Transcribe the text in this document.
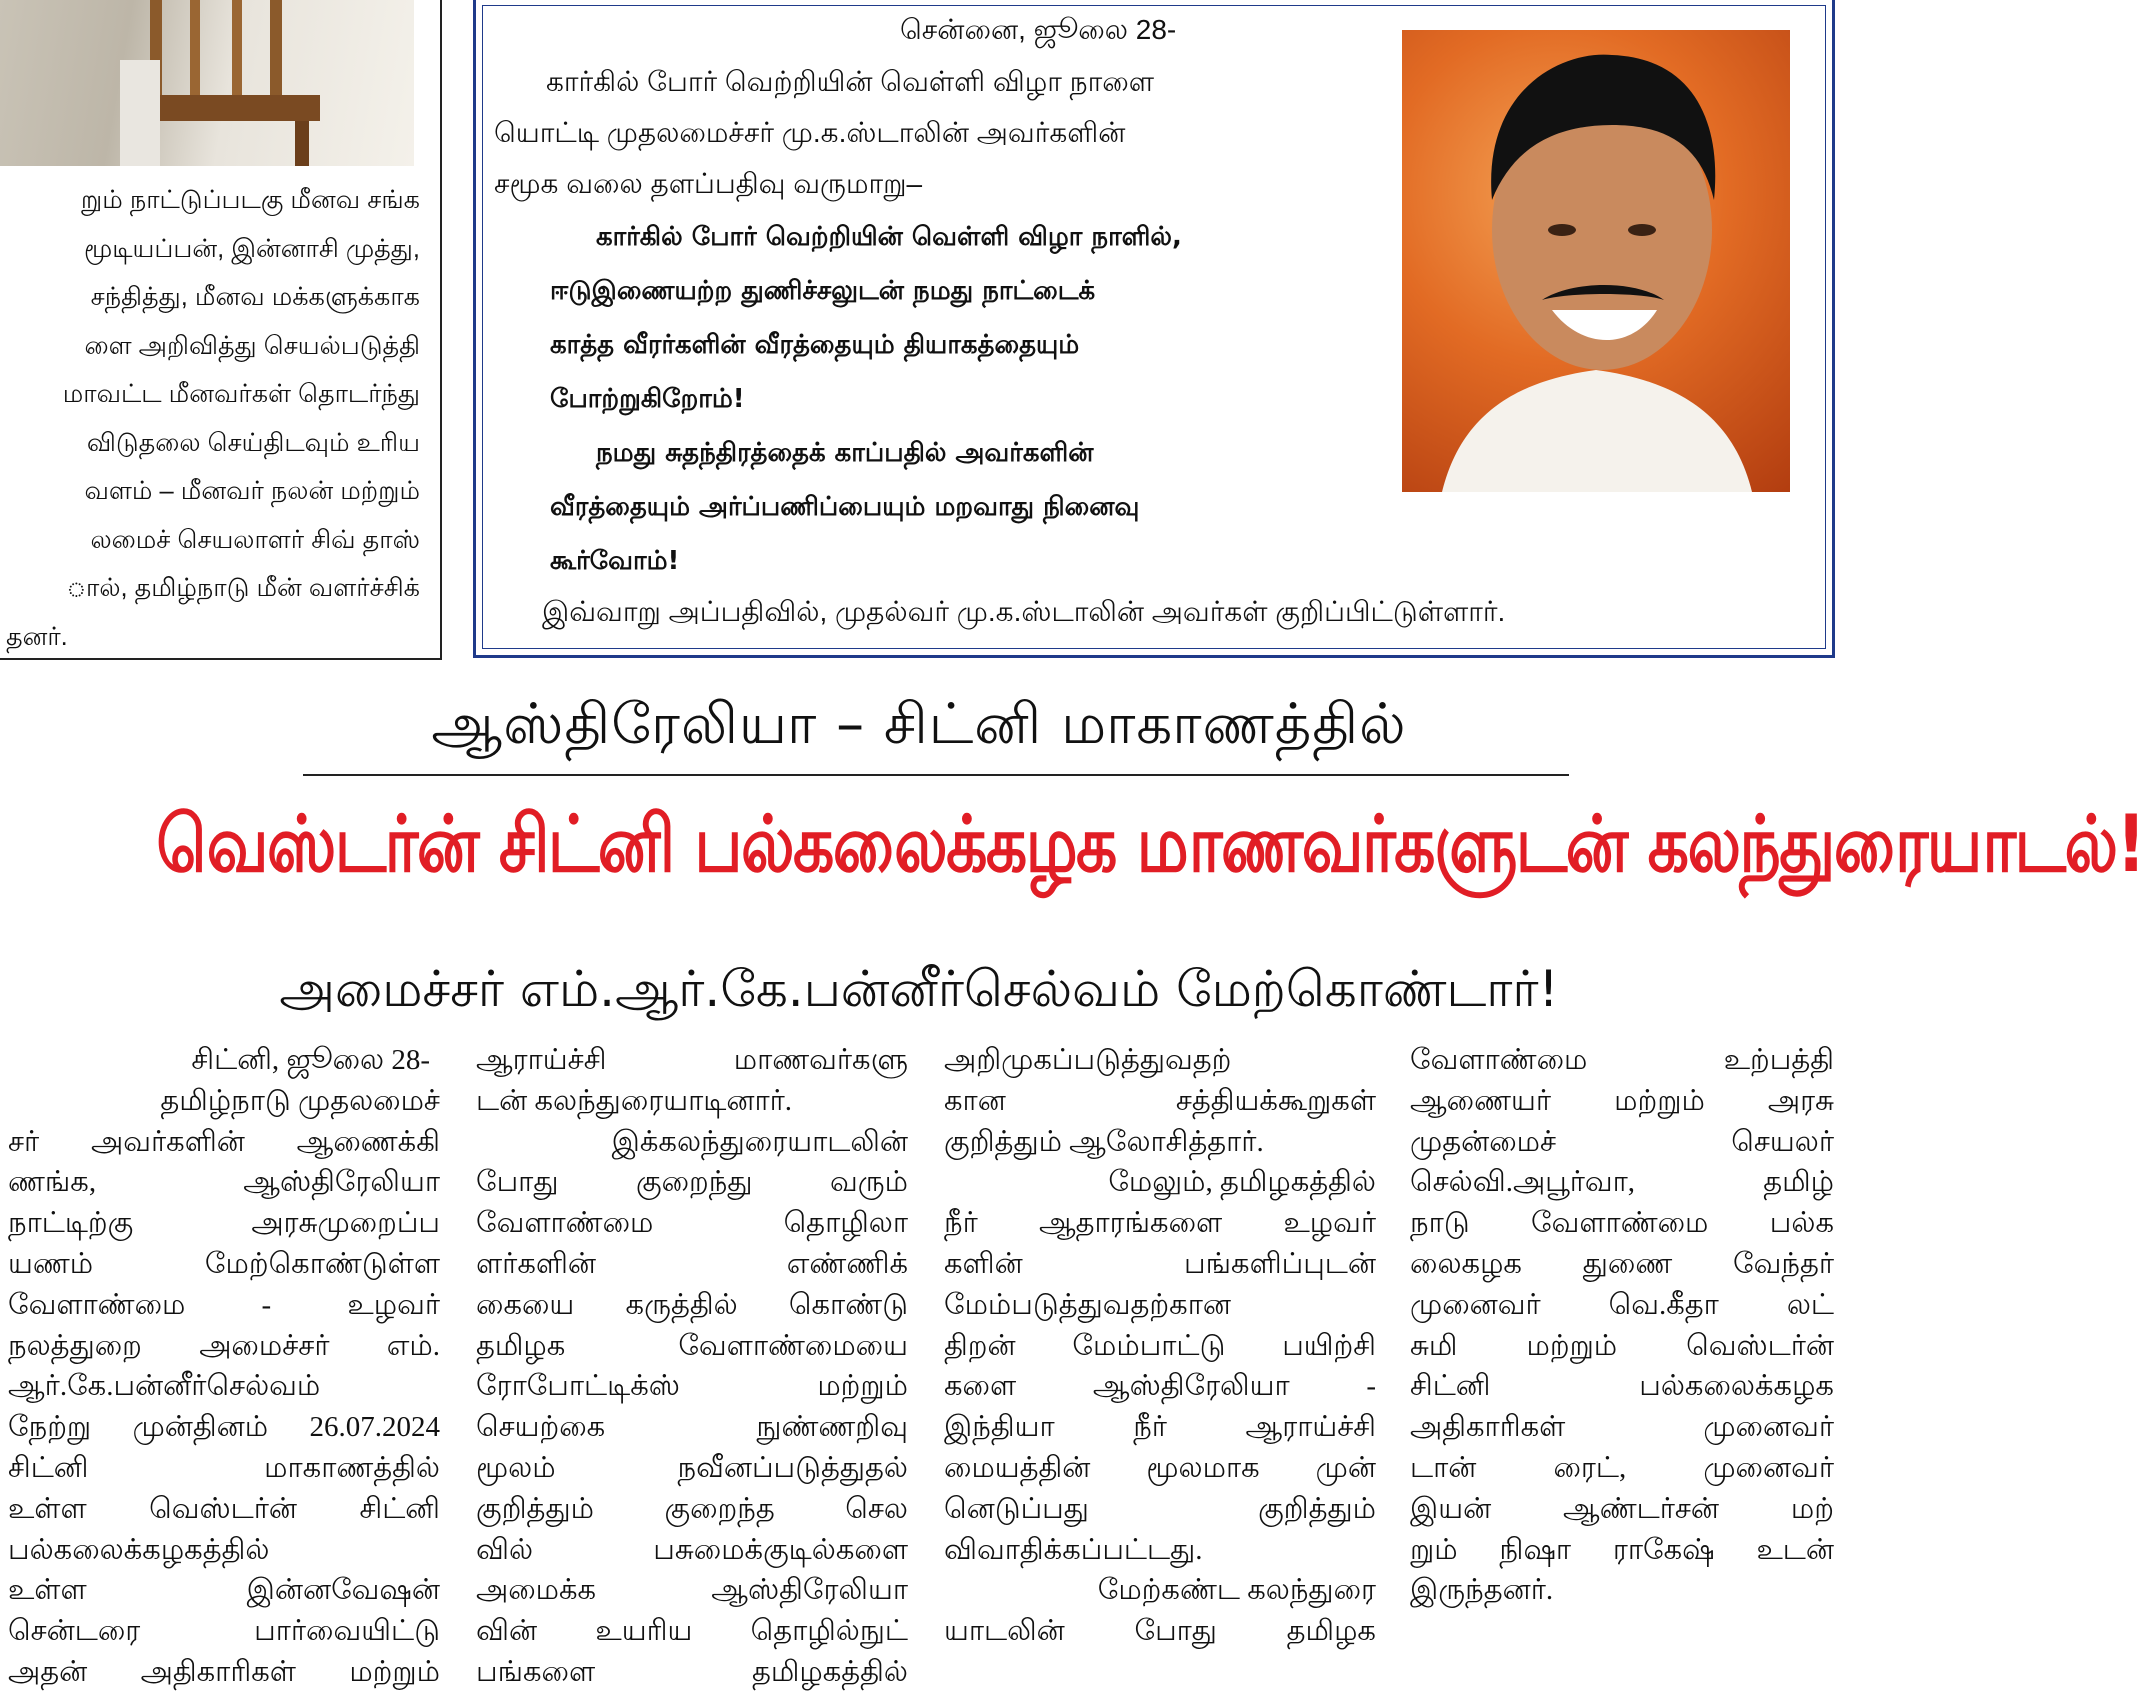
றும் நாட்டுப்படகு மீனவ சங்க
மூடியப்பன், இன்னாசி முத்து,
சந்தித்து, மீனவ மக்களுக்காக
ளை அறிவித்து செயல்படுத்தி
மாவட்ட மீனவர்கள் தொடர்ந்து
விடுதலை செய்திடவும் உரிய
வளம் – மீனவர் நலன் மற்றும்
லமைச் செயலாளர் சிவ் தாஸ்
ால், தமிழ்நாடு மீன் வளர்ச்சிக்
தனர்.
சென்னை, ஜூலை 28-
கார்கில் போர் வெற்றியின் வெள்ளி விழா நாளை
யொட்டி முதலமைச்சர் மு.க.ஸ்டாலின் அவர்களின்
சமூக வலை தளப்பதிவு வருமாறு–
கார்கில் போர் வெற்றியின் வெள்ளி விழா நாளில்,
ஈடுஇணையற்ற துணிச்சலுடன் நமது நாட்டைக்
காத்த வீரர்களின் வீரத்தையும் தியாகத்தையும்
போற்றுகிறோம்!
நமது சுதந்திரத்தைக் காப்பதில் அவர்களின்
வீரத்தையும் அர்ப்பணிப்பையும் மறவாது நினைவு
கூர்வோம்!
இவ்வாறு அப்பதிவில், முதல்வர் மு.க.ஸ்டாலின் அவர்கள் குறிப்பிட்டுள்ளார்.
ஆஸ்திரேலியா – சிட்னி மாகாணத்தில்
வெஸ்டர்ன் சிட்னி பல்கலைக்கழக மாணவர்களுடன் கலந்துரையாடல்!
அமைச்சர் எம்.ஆர்.கே.பன்னீர்செல்வம் மேற்கொண்டார்!
சிட்னி, ஜூலை 28-
தமிழ்நாடு முதலமைச்
சர் அவர்களின் ஆணைக்கி
ணங்க, ஆஸ்திரேலியா
நாட்டிற்கு அரசுமுறைப்ப
யணம் மேற்கொண்டுள்ள
வேளாண்மை - உழவர்
நலத்துறை அமைச்சர் எம்.
ஆர்.கே.பன்னீர்செல்வம்
நேற்று முன்தினம் 26.07.2024
சிட்னி மாகாணத்தில்
உள்ள வெஸ்டர்ன் சிட்னி
பல்கலைக்கழகத்தில்
உள்ள இன்னவேஷன்
சென்டரை பார்வையிட்டு
அதன் அதிகாரிகள் மற்றும்
ஆராய்ச்சி மாணவர்களு
டன் கலந்துரையாடினார்.
இக்கலந்துரையாடலின்
போது குறைந்து வரும்
வேளாண்மை தொழிலா
ளர்களின் எண்ணிக்
கையை கருத்தில் கொண்டு
தமிழக வேளாண்மையை
ரோபோட்டிக்ஸ் மற்றும்
செயற்கை நுண்ணறிவு
மூலம் நவீனப்படுத்துதல்
குறித்தும் குறைந்த செல
வில் பசுமைக்குடில்களை
அமைக்க ஆஸ்திரேலியா
வின் உயரிய தொழில்நுட்
பங்களை தமிழகத்தில்
அறிமுகப்படுத்துவதற்
கான சத்தியக்கூறுகள்
குறித்தும் ஆலோசித்தார்.
மேலும், தமிழகத்தில்
நீர் ஆதாரங்களை உழவர்
களின் பங்களிப்புடன்
மேம்படுத்துவதற்கான
திறன் மேம்பாட்டு பயிற்சி
களை ஆஸ்திரேலியா -
இந்தியா நீர் ஆராய்ச்சி
மையத்தின் மூலமாக முன்
னெடுப்பது குறித்தும்
விவாதிக்கப்பட்டது.
மேற்கண்ட கலந்துரை
யாடலின் போது தமிழக
வேளாண்மை உற்பத்தி
ஆணையர் மற்றும் அரசு
முதன்மைச் செயலர்
செல்வி.அபூர்வா, தமிழ்
நாடு வேளாண்மை பல்க
லைகழக துணை வேந்தர்
முனைவர் வெ.கீதா லட்
சுமி மற்றும் வெஸ்டர்ன்
சிட்னி பல்கலைக்கழக
அதிகாரிகள் முனைவர்
டான் ரைட், முனைவர்
இயன் ஆண்டர்சன் மற்
றும் நிஷா ராகேஷ் உடன்
இருந்தனர்.
